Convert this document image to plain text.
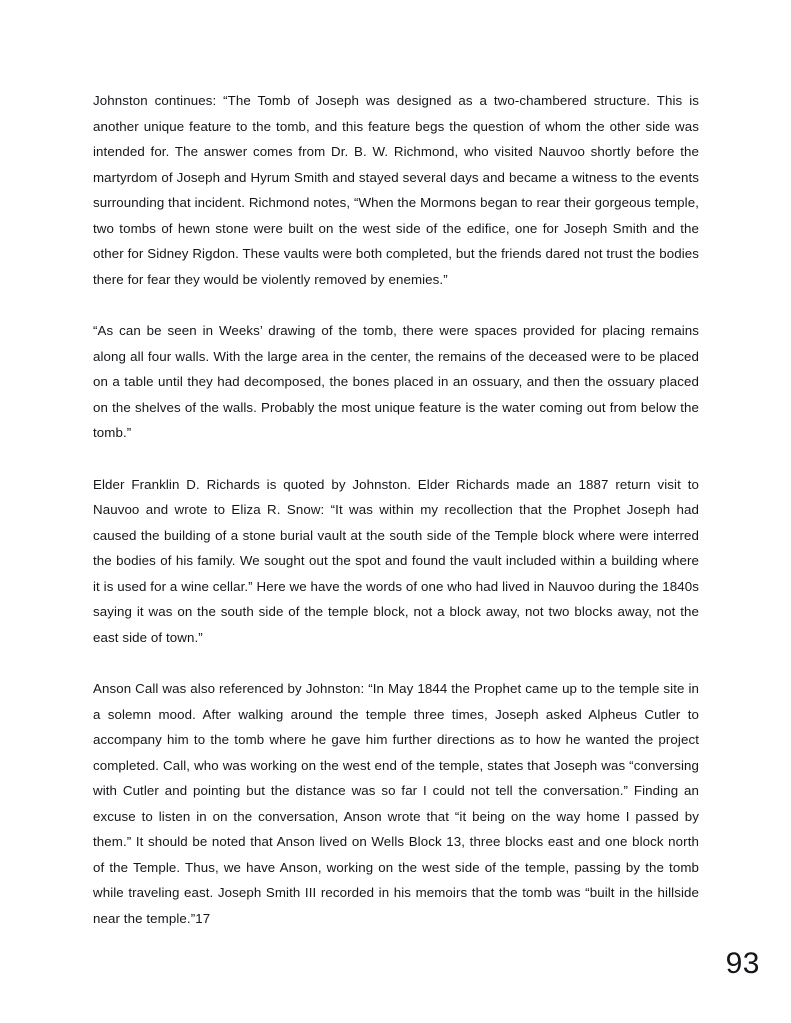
Johnston continues: “The Tomb of Joseph was designed as a two-chambered structure. This is another unique feature to the tomb, and this feature begs the question of whom the other side was intended for. The answer comes from Dr. B. W. Richmond, who visited Nauvoo shortly before the martyrdom of Joseph and Hyrum Smith and stayed several days and became a witness to the events surrounding that incident. Richmond notes, “When the Mormons began to rear their gorgeous temple, two tombs of hewn stone were built on the west side of the edifice, one for Joseph Smith and the other for Sidney Rigdon. These vaults were both completed, but the friends dared not trust the bodies there for fear they would be violently removed by enemies.”

“As can be seen in Weeks’ drawing of the tomb, there were spaces provided for placing remains along all four walls. With the large area in the center, the remains of the deceased were to be placed on a table until they had decomposed, the bones placed in an ossuary, and then the ossuary placed on the shelves of the walls. Probably the most unique feature is the water coming out from below the tomb.”

Elder Franklin D. Richards is quoted by Johnston. Elder Richards made an 1887 return visit to Nauvoo and wrote to Eliza R. Snow: “It was within my recollection that the Prophet Joseph had caused the building of a stone burial vault at the south side of the Temple block where were interred the bodies of his family. We sought out the spot and found the vault included within a building where it is used for a wine cellar.” Here we have the words of one who had lived in Nauvoo during the 1840s saying it was on the south side of the temple block, not a block away, not two blocks away, not the east side of town.”

Anson Call was also referenced by Johnston: “In May 1844 the Prophet came up to the temple site in a solemn mood. After walking around the temple three times, Joseph asked Alpheus Cutler to accompany him to the tomb where he gave him further directions as to how he wanted the project completed. Call, who was working on the west end of the temple, states that Joseph was “conversing with Cutler and pointing but the distance was so far I could not tell the conversation.” Finding an excuse to listen in on the conversation, Anson wrote that “it being on the way home I passed by them.” It should be noted that Anson lived on Wells Block 13, three blocks east and one block north of the Temple. Thus, we have Anson, working on the west side of the temple, passing by the tomb while traveling east. Joseph Smith III recorded in his memoirs that the tomb was “built in the hillside near the temple.”17

93
